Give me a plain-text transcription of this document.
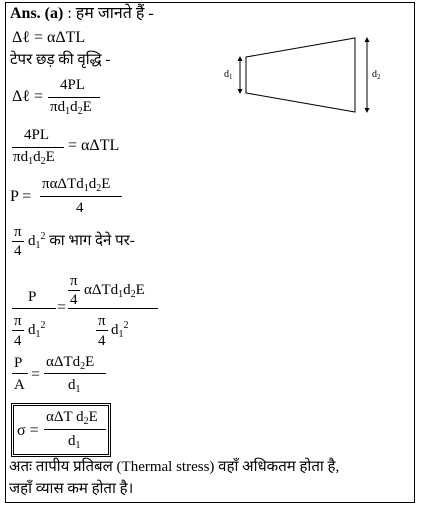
Ans. (a) : हम जानते हैं -
Δℓ = αΔTL
टेपर छड़ की वृद्धि -
Δℓ =
4PL
$\pi d_1d_2E$
4PL
$\pi d_1d_2E$
= αΔTL
P =
$\pi\alpha\Delta Td_1d_2E$
4
π
4
$d_1^2$ का भाग देने पर-
P
π
4
$d_1^2$
=
π
4
$\alpha\Delta Td_1d_2E$
π
4
$d_1^2$
P
A
=
αΔTd$_2$E
$d_1$
σ =
αΔT $d_2E$
$d_1$
अतः तापीय प्रतिबल (Thermal stress) वहाँ अधिकतम होता है,
जहाँ व्यास कम होता है।
$d_1$	$d_2$
